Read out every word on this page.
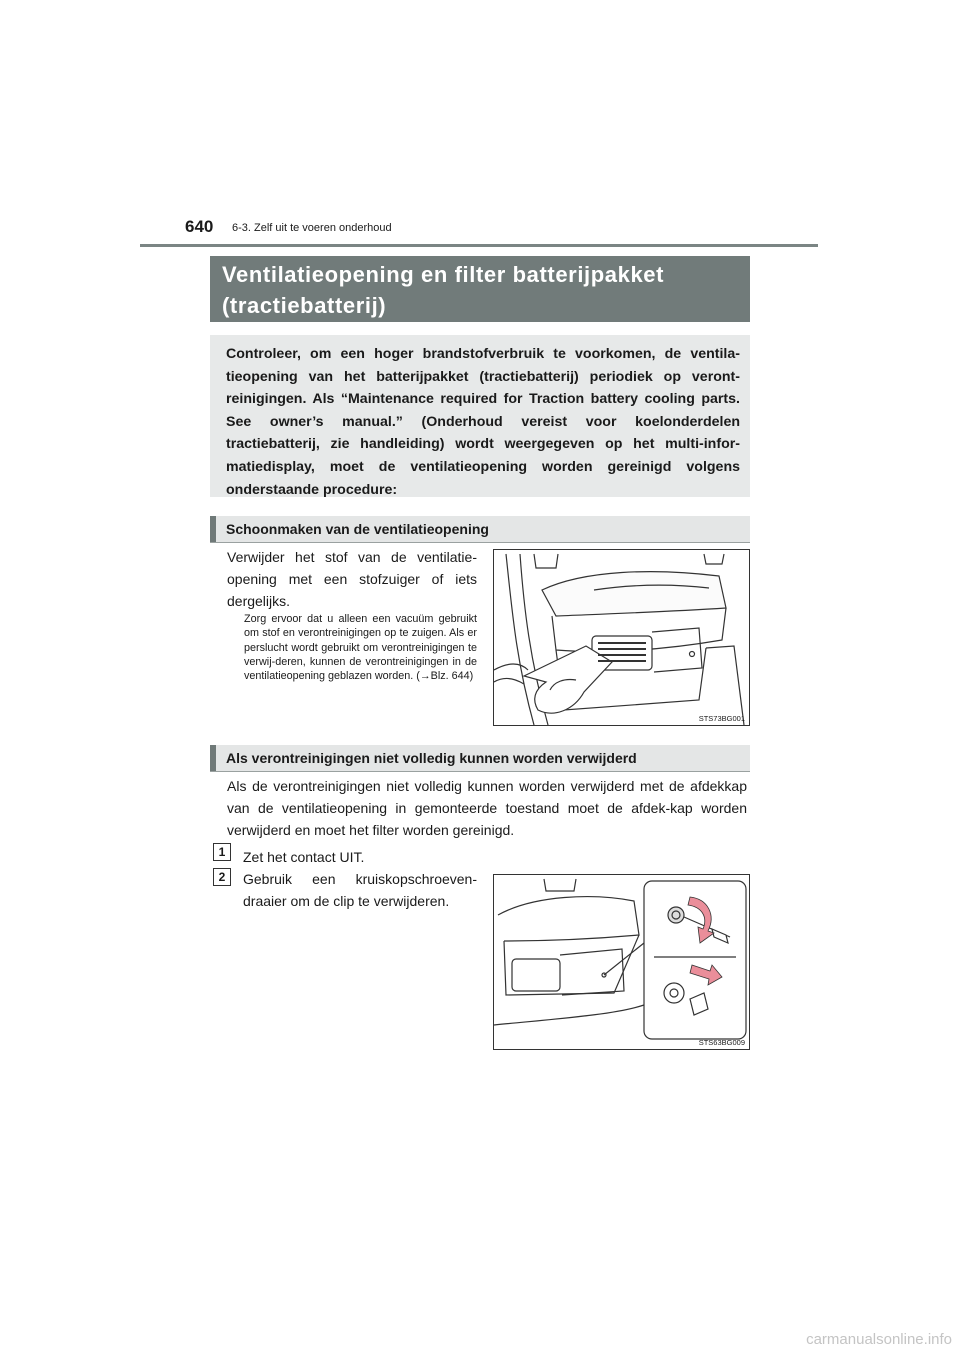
640 6-3. Zelf uit te voeren onderhoud
Ventilatieopening en filter batterijpakket
(tractiebatterij)
Controleer, om een hoger brandstofverbruik te voorkomen, de ventila-tieopening van het batterijpakket (tractiebatterij) periodiek op veront-reinigingen. Als “Maintenance required for Traction battery cooling parts. See owner’s manual.” (Onderhoud vereist voor koelonderdelen tractiebatterij, zie handleiding) wordt weergegeven op het multi-infor-matiedisplay, moet de ventilatieopening worden gereinigd volgens onderstaande procedure:
Schoonmaken van de ventilatieopening
Verwijder het stof van de ventilatie-opening met een stofzuiger of iets dergelijks.
Zorg ervoor dat u alleen een vacuüm gebruikt om stof en verontreinigingen op te zuigen. Als er perslucht wordt gebruikt om verontreinigingen te verwij-deren, kunnen de verontreinigingen in de ventilatieopening geblazen worden. (→Blz. 644)
STS73BG001
Als verontreinigingen niet volledig kunnen worden verwijderd
Als de verontreinigingen niet volledig kunnen worden verwijderd met de afdekkap van de ventilatieopening in gemonteerde toestand moet de afdek-kap worden verwijderd en moet het filter worden gereinigd.
1	Zet het contact UIT.
2	Gebruik een kruiskopschroeven-draaier om de clip te verwijderen.
STS63BG009
carmanualsonline.info
